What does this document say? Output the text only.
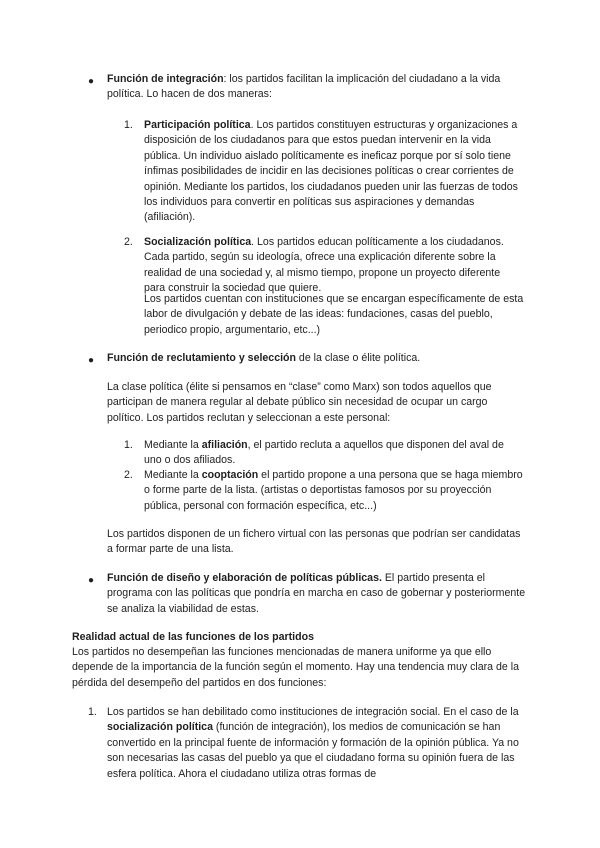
● Función de integración: los partidos facilitan la implicación del ciudadano a la vida política. Lo hacen de dos maneras:

1. Participación política. Los partidos constituyen estructuras y organizaciones a disposición de los ciudadanos para que estos puedan intervenir en la vida pública. Un individuo aislado políticamente es ineficaz porque por sí solo tiene ínfimas posibilidades de incidir en las decisiones políticas o crear corrientes de opinión. Mediante los partidos, los ciudadanos pueden unir las fuerzas de todos los individuos para convertir en políticas sus aspiraciones y demandas (afiliación).

2. Socialización política. Los partidos educan políticamente a los ciudadanos. Cada partido, según su ideología, ofrece una explicación diferente sobre la realidad de una sociedad y, al mismo tiempo, propone un proyecto diferente para construir la sociedad que quiere.

Los partidos cuentan con instituciones que se encargan específicamente de esta labor de divulgación y debate de las ideas: fundaciones, casas del pueblo, periodico propio, argumentario, etc...)

● Función de reclutamiento y selección de la clase o élite política.

La clase política (élite si pensamos en “clase” como Marx) son todos aquellos que participan de manera regular al debate público sin necesidad de ocupar un cargo político. Los partidos reclutan y seleccionan a este personal:

1. Mediante la afiliación, el partido recluta a aquellos que disponen del aval de uno o dos afiliados.

2. Mediante la cooptación el partido propone a una persona que se haga miembro o forme parte de la lista. (artistas o deportistas famosos por su proyección pública, personal con formación específica, etc...)

Los partidos disponen de un fichero virtual con las personas que podrían ser candidatas a formar parte de una lista.

● Función de diseño y elaboración de políticas públicas. El partido presenta el programa con las políticas que pondría en marcha en caso de gobernar y posteriormente se analiza la viabilidad de estas.

Realidad actual de las funciones de los partidos

Los partidos no desempeñan las funciones mencionadas de manera uniforme ya que ello depende de la importancia de la función según el momento. Hay una tendencia muy clara de la pérdida del desempeño del partidos en dos funciones:

1. Los partidos se han debilitado como instituciones de integración social. En el caso de la socialización política (función de integración), los medios de comunicación se han convertido en la principal fuente de información y formación de la opinión pública. Ya no son necesarias las casas del pueblo ya que el ciudadano forma su opinión fuera de las esfera política. Ahora el ciudadano utiliza otras formas de
